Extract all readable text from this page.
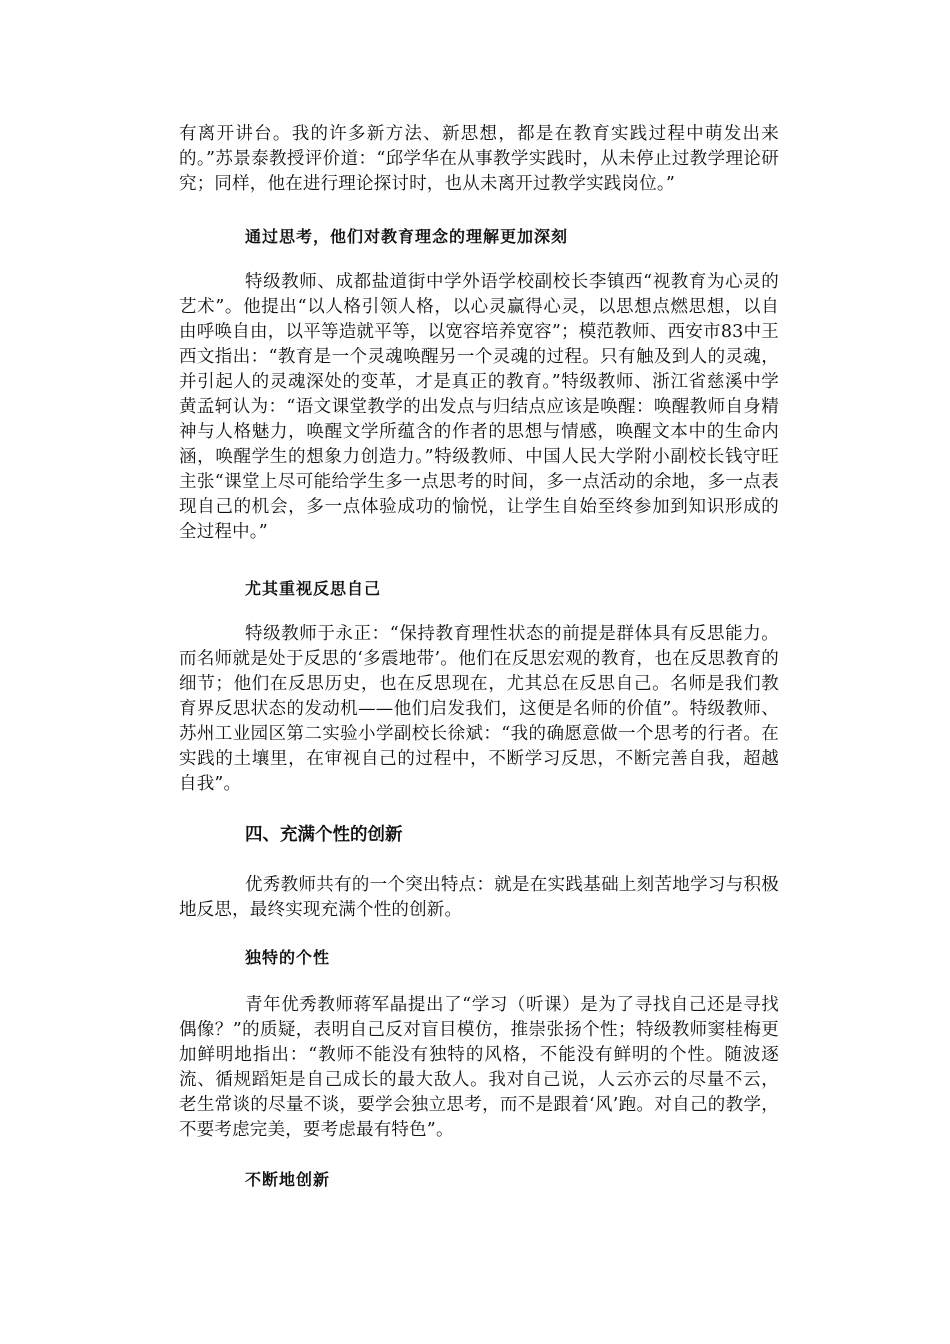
有离开讲台。我的许多新方法、新思想，都是在教育实践过程中萌发出来的。”苏景泰教授评价道：“邱学华在从事教学实践时，从未停止过教学理论研究；同样，他在进行理论探讨时，也从未离开过教学实践岗位。”

通过思考，他们对教育理念的理解更加深刻

特级教师、成都盐道街中学外语学校副校长李镇西“视教育为心灵的艺术”。他提出“以人格引领人格，以心灵赢得心灵，以思想点燃思想，以自由呼唤自由，以平等造就平等，以宽容培养宽容”；模范教师、西安市83中王西文指出：“教育是一个灵魂唤醒另一个灵魂的过程。只有触及到人的灵魂，并引起人的灵魂深处的变革，才是真正的教育。”特级教师、浙江省慈溪中学黄孟轲认为：“语文课堂教学的出发点与归结点应该是唤醒：唤醒教师自身精神与人格魅力，唤醒文学所蕴含的作者的思想与情感，唤醒文本中的生命内涵，唤醒学生的想象力创造力。”特级教师、中国人民大学附小副校长钱守旺主张“课堂上尽可能给学生多一点思考的时间，多一点活动的余地，多一点表现自己的机会，多一点体验成功的愉悦，让学生自始至终参加到知识形成的全过程中。”

尤其重视反思自己

特级教师于永正：“保持教育理性状态的前提是群体具有反思能力。而名师就是处于反思的‘多震地带’。他们在反思宏观的教育，也在反思教育的细节；他们在反思历史，也在反思现在，尤其总在反思自己。名师是我们教育界反思状态的发动机——他们启发我们，这便是名师的价值”。特级教师、苏州工业园区第二实验小学副校长徐斌：“我的确愿意做一个思考的行者。在实践的土壤里，在审视自己的过程中，不断学习反思，不断完善自我，超越自我”。

四、充满个性的创新

优秀教师共有的一个突出特点：就是在实践基础上刻苦地学习与积极地反思，最终实现充满个性的创新。

独特的个性

青年优秀教师蒋军晶提出了“学习（听课）是为了寻找自己还是寻找偶像？”的质疑，表明自己反对盲目模仿，推崇张扬个性；特级教师窦桂梅更加鲜明地指出：“教师不能没有独特的风格，不能没有鲜明的个性。随波逐流、循规蹈矩是自己成长的最大敌人。我对自己说，人云亦云的尽量不云，老生常谈的尽量不谈，要学会独立思考，而不是跟着‘风’跑。对自己的教学，不要考虑完美，要考虑最有特色”。

不断地创新
